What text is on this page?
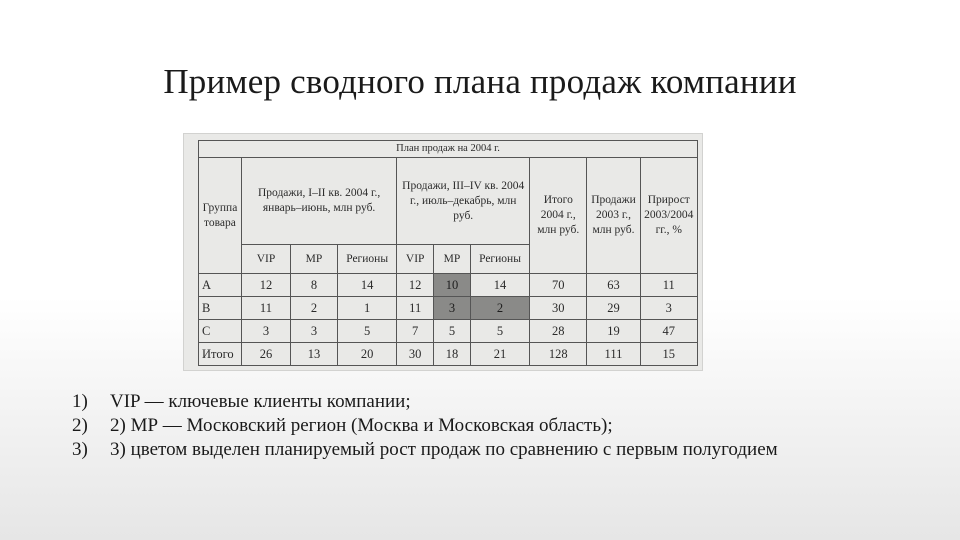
Пример сводного плана продаж компании
План продаж на 2004 г.									
Группа товара	Продажи, I–II кв. 2004 г., январь–июнь, млн руб.			Продажи, III–IV кв. 2004 г., июль–декабрь, млн руб.			Итого 2004 г., млн руб.	Продажи 2003 г., млн руб.	Прирост 2003/2004 гг., %
	VIP	МР	Регионы	VIP	МР	Регионы			
A	12	8	14	12	10	14	70	63	11
B	11	2	1	11	3	2	30	29	3
C	3	3	5	7	5	5	28	19	47
Итого	26	13	20	30	18	21	128	111	15
1)	VIP — ключевые клиенты компании;
2)	2) МР — Московский регион (Москва и Московская область);
3)	3) цветом выделен планируемый рост продаж по сравнению с первым полугодием
